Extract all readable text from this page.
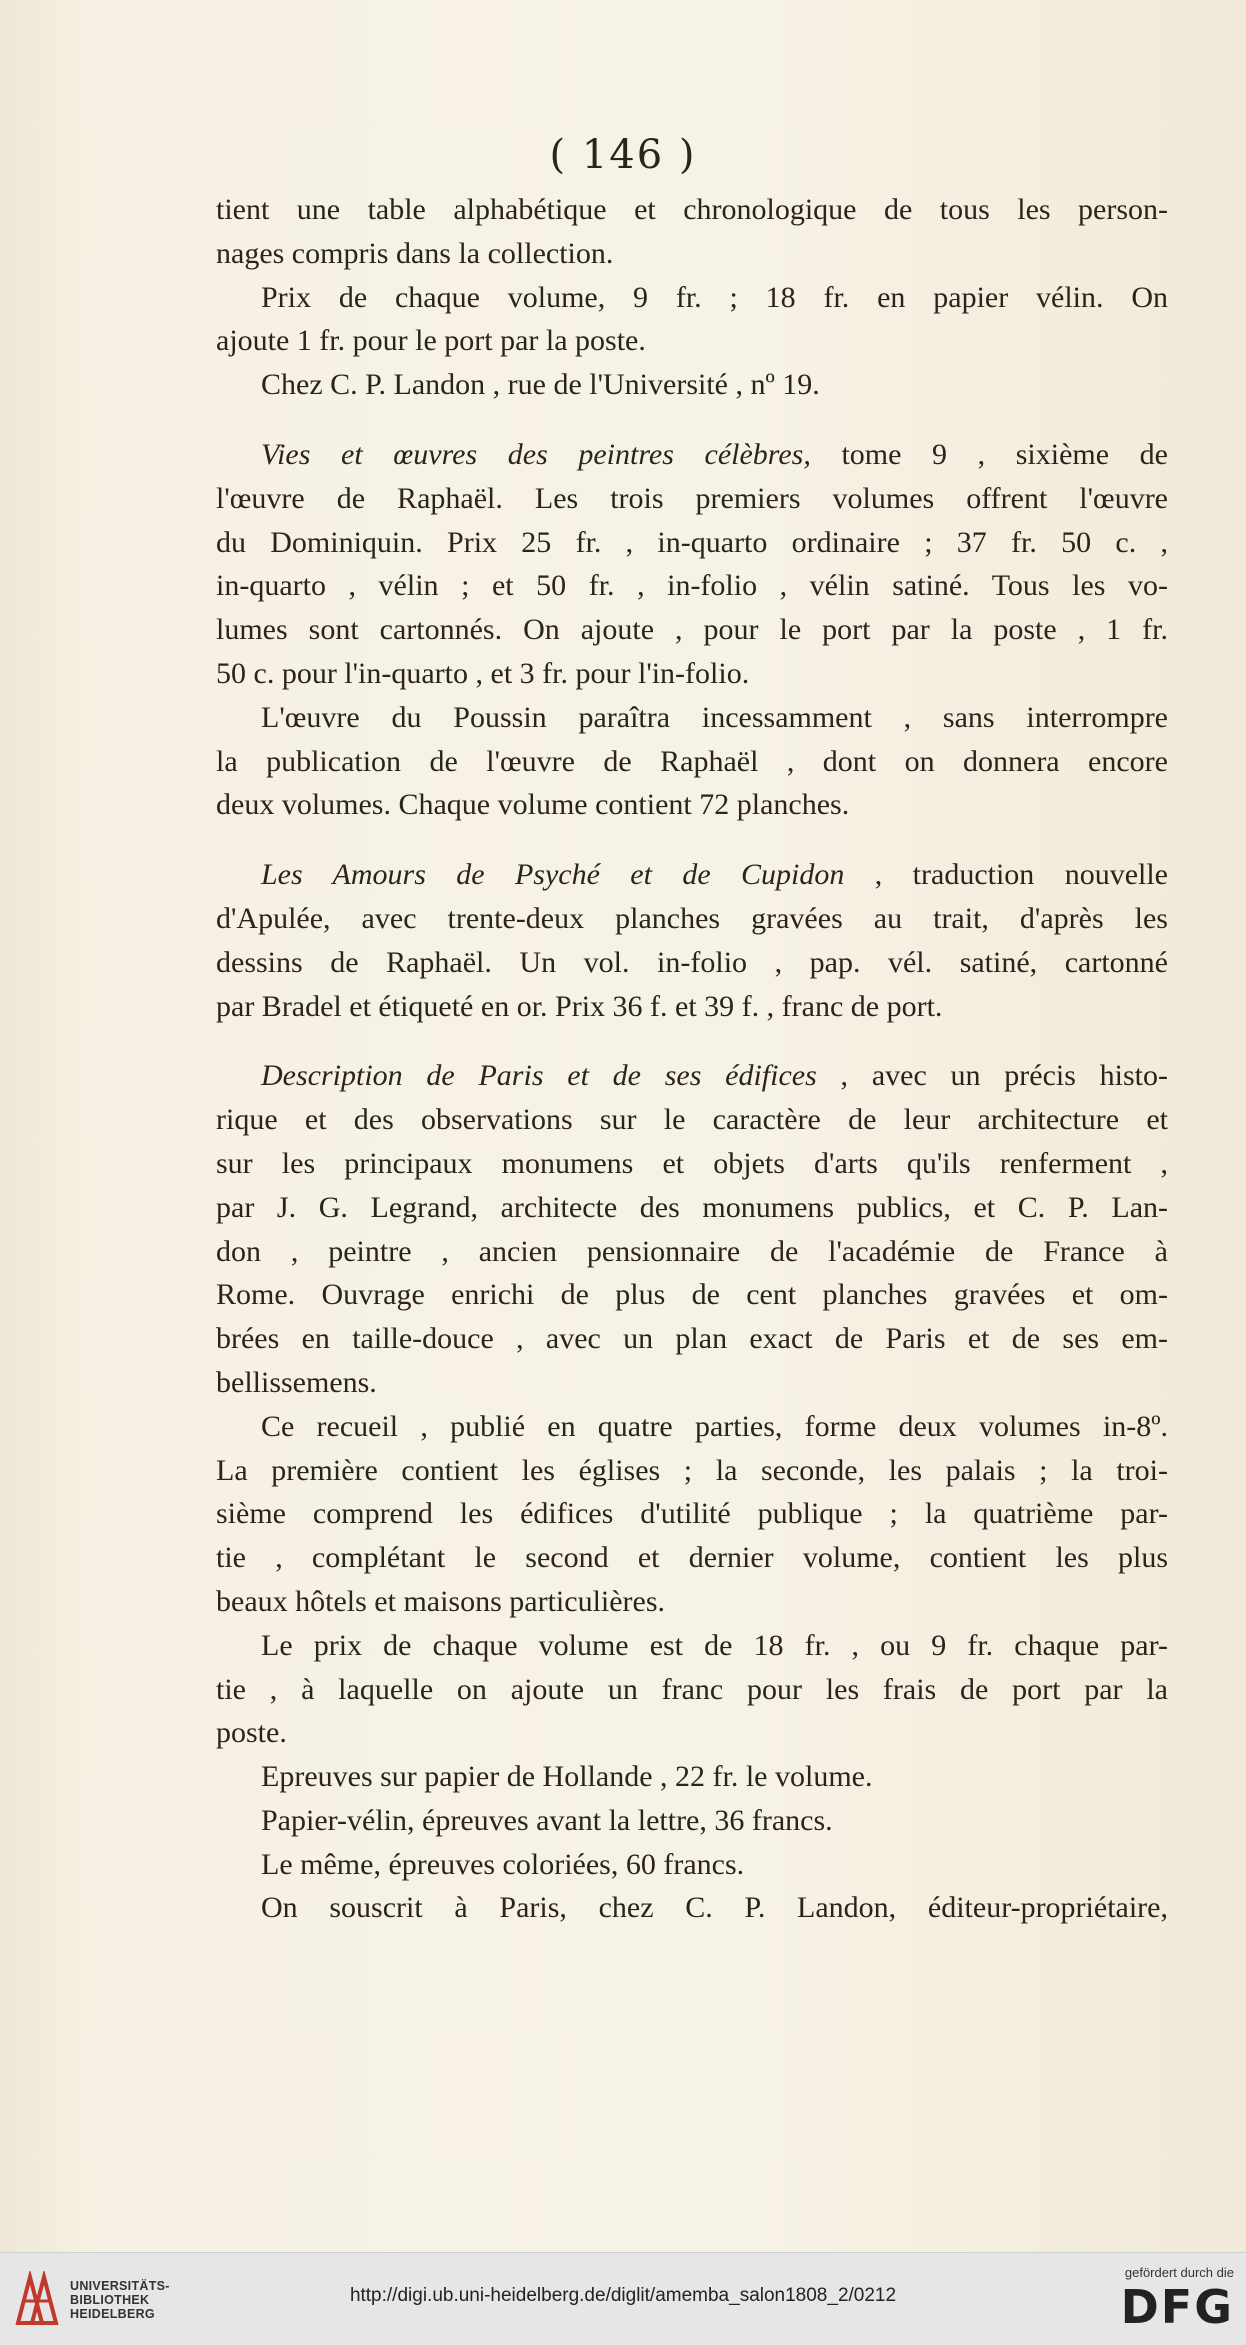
( 146 )
tient une table alphabétique et chronologique de tous les person-
nages compris dans la collection.
Prix de chaque volume, 9 fr. ; 18 fr. en papier vélin. On
ajoute 1 fr. pour le port par la poste.
Chez C. P. Landon , rue de l'Université , nº 19.
Vies et œuvres des peintres célèbres, tome 9 , sixième de
l'œuvre de Raphaël. Les trois premiers volumes offrent l'œuvre
du Dominiquin. Prix 25 fr. , in-quarto ordinaire ; 37 fr. 50 c. ,
in-quarto , vélin ; et 50 fr. , in-folio , vélin satiné. Tous les vo-
lumes sont cartonnés. On ajoute , pour le port par la poste , 1 fr.
50 c. pour l'in-quarto , et 3 fr. pour l'in-folio.
L'œuvre du Poussin paraîtra incessamment , sans interrompre
la publication de l'œuvre de Raphaël , dont on donnera encore
deux volumes. Chaque volume contient 72 planches.
Les Amours de Psyché et de Cupidon , traduction nouvelle
d'Apulée, avec trente-deux planches gravées au trait, d'après les
dessins de Raphaël. Un vol. in-folio , pap. vél. satiné, cartonné
par Bradel et étiqueté en or. Prix 36 f. et 39 f. , franc de port.
Description de Paris et de ses édifices , avec un précis histo-
rique et des observations sur le caractère de leur architecture et
sur les principaux monumens et objets d'arts qu'ils renferment ,
par J. G. Legrand, architecte des monumens publics, et C. P. Lan-
don , peintre , ancien pensionnaire de l'académie de France à
Rome. Ouvrage enrichi de plus de cent planches gravées et om-
brées en taille-douce , avec un plan exact de Paris et de ses em-
bellissemens.
Ce recueil , publié en quatre parties, forme deux volumes in-8º.
La première contient les églises ; la seconde, les palais ; la troi-
sième comprend les édifices d'utilité publique ; la quatrième par-
tie , complétant le second et dernier volume, contient les plus
beaux hôtels et maisons particulières.
Le prix de chaque volume est de 18 fr. , ou 9 fr. chaque par-
tie , à laquelle on ajoute un franc pour les frais de port par la
poste.
Epreuves sur papier de Hollande , 22 fr. le volume.
Papier-vélin, épreuves avant la lettre, 36 francs.
Le même, épreuves coloriées, 60 francs.
On souscrit à Paris, chez C. P. Landon, éditeur-propriétaire,
UNIVERSITÄTS-
BIBLIOTHEK
HEIDELBERG
http://digi.ub.uni-heidelberg.de/diglit/amemba_salon1808_2/0212
gefördert durch die
DFG
